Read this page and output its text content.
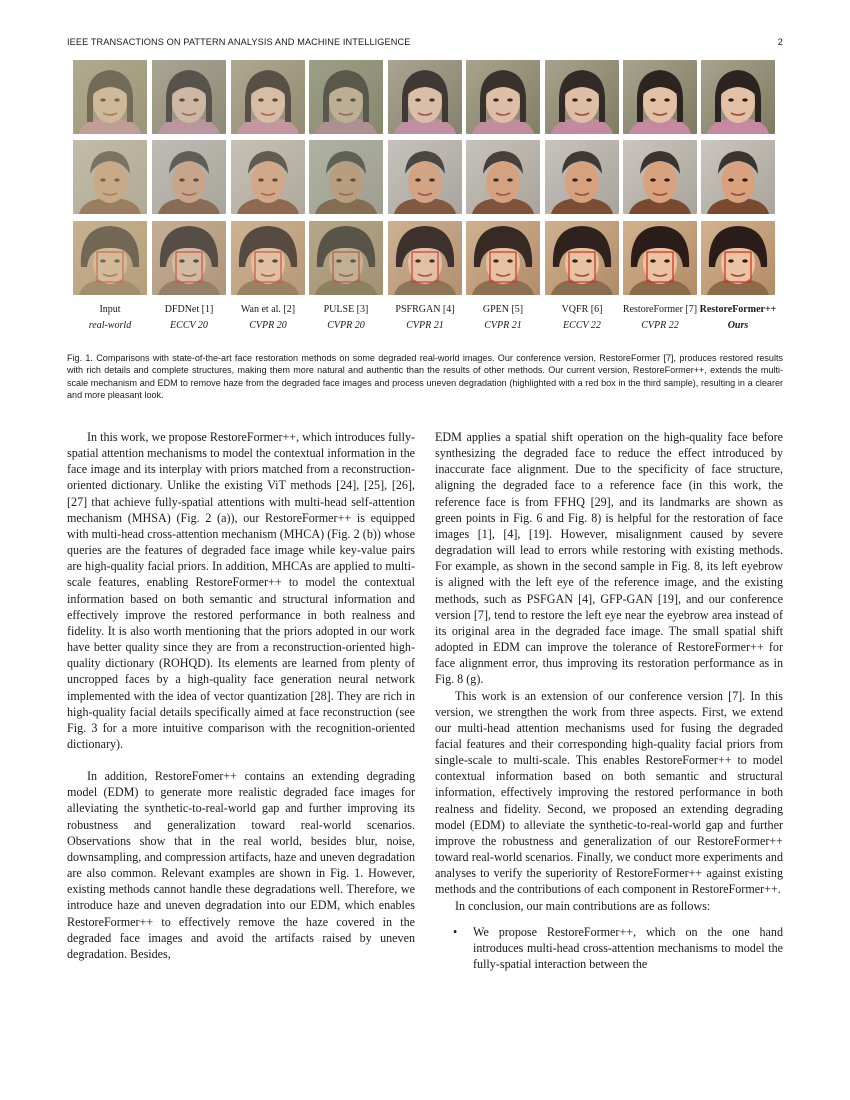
IEEE TRANSACTIONS ON PATTERN ANALYSIS AND MACHINE INTELLIGENCE	2
Input
real-world
DFDNet [1]
ECCV 20
Wan et al. [2]
CVPR 20
PULSE [3]
CVPR 20
PSFRGAN [4]
CVPR 21
GPEN [5]
CVPR 21
VQFR [6]
ECCV 22
RestoreFormer [7]
CVPR 22
RestoreFormer++
Ours
Fig. 1. Comparisons with state-of-the-art face restoration methods on some degraded real-world images. Our conference version, RestoreFormer [7], produces restored results with rich details and complete structures, making them more natural and authentic than the results of other methods. Our current version, RestoreFormer++, extends the multi-scale mechanism and EDM to remove haze from the degraded face images and process uneven degradation (highlighted with a red box in the third sample), resulting in a clearer and more pleasant look.

In this work, we propose RestoreFormer++, which introduces fully-spatial attention mechanisms to model the contextual information in the face image and its interplay with priors matched from a reconstruction-oriented dictionary. Unlike the existing ViT methods [24], [25], [26], [27] that achieve fully-spatial attentions with multi-head self-attention mechanism (MHSA) (Fig. 2 (a)), our RestoreFormer++ is equipped with multi-head cross-attention mechanism (MHCA) (Fig. 2 (b)) whose queries are the features of degraded face image while key-value pairs are high-quality facial priors. In addition, MHCAs are applied to multi-scale features, enabling RestoreFormer++ to model the contextual information based on both semantic and structural information and effectively improve the restored performance in both realness and fidelity. It is also worth mentioning that the priors adopted in our work have better quality since they are from a reconstruction-oriented high-quality dictionary (ROHQD). Its elements are learned from plenty of uncropped faces by a high-quality face generation neural network implemented with the idea of vector quantization [28]. They are rich in high-quality facial details specifically aimed at face reconstruction (see Fig. 3 for a more intuitive comparison with the recognition-oriented dictionary).

In addition, RestoreFomer++ contains an extending degrading model (EDM) to generate more realistic degraded face images for alleviating the synthetic-to-real-world gap and further improving its robustness and generalization toward real-world scenarios. Observations show that in the real world, besides blur, noise, downsampling, and compression artifacts, haze and uneven degradation are also common. Relevant examples are shown in Fig. 1. However, existing methods cannot handle these degradations well. Therefore, we introduce haze and uneven degradation into our EDM, which enables RestoreFormer++ to effectively remove the haze covered in the degraded face images and avoid the artifacts raised by uneven degradation. Besides,

EDM applies a spatial shift operation on the high-quality face before synthesizing the degraded face to reduce the effect introduced by inaccurate face alignment. Due to the specificity of face structure, aligning the degraded face to a reference face (in this work, the reference face is from FFHQ [29], and its landmarks are shown as green points in Fig. 6 and Fig. 8) is helpful for the restoration of face images [1], [4], [19]. However, misalignment caused by severe degradation will lead to errors while restoring with existing methods. For example, as shown in the second sample in Fig. 8, its left eyebrow is aligned with the left eye of the reference image, and the existing methods, such as PSFGAN [4], GFP-GAN [19], and our conference version [7], tend to restore the left eye near the eyebrow area instead of its original area in the degraded face image. The small spatial shift adopted in EDM can improve the tolerance of RestoreFormer++ for face alignment error, thus improving its restoration performance as in Fig. 8 (g).

This work is an extension of our conference version [7]. In this version, we strengthen the work from three aspects. First, we extend our multi-head attention mechanisms used for fusing the degraded facial features and their corresponding high-quality facial priors from single-scale to multi-scale. This enables RestoreFormer++ to model contextual information based on both semantic and structural information, effectively improving the restored performance in both realness and fidelity. Second, we proposed an extending degrading model (EDM) to alleviate the synthetic-to-real-world gap and further improve the robustness and generalization of our RestoreFormer++ toward real-world scenarios. Finally, we conduct more experiments and analyses to verify the superiority of RestoreFormer++ against existing methods and the contributions of each component in RestoreFormer++.

In conclusion, our main contributions are as follows:

• We propose RestoreFormer++, which on the one hand introduces multi-head cross-attention mechanisms to model the fully-spatial interaction between the
